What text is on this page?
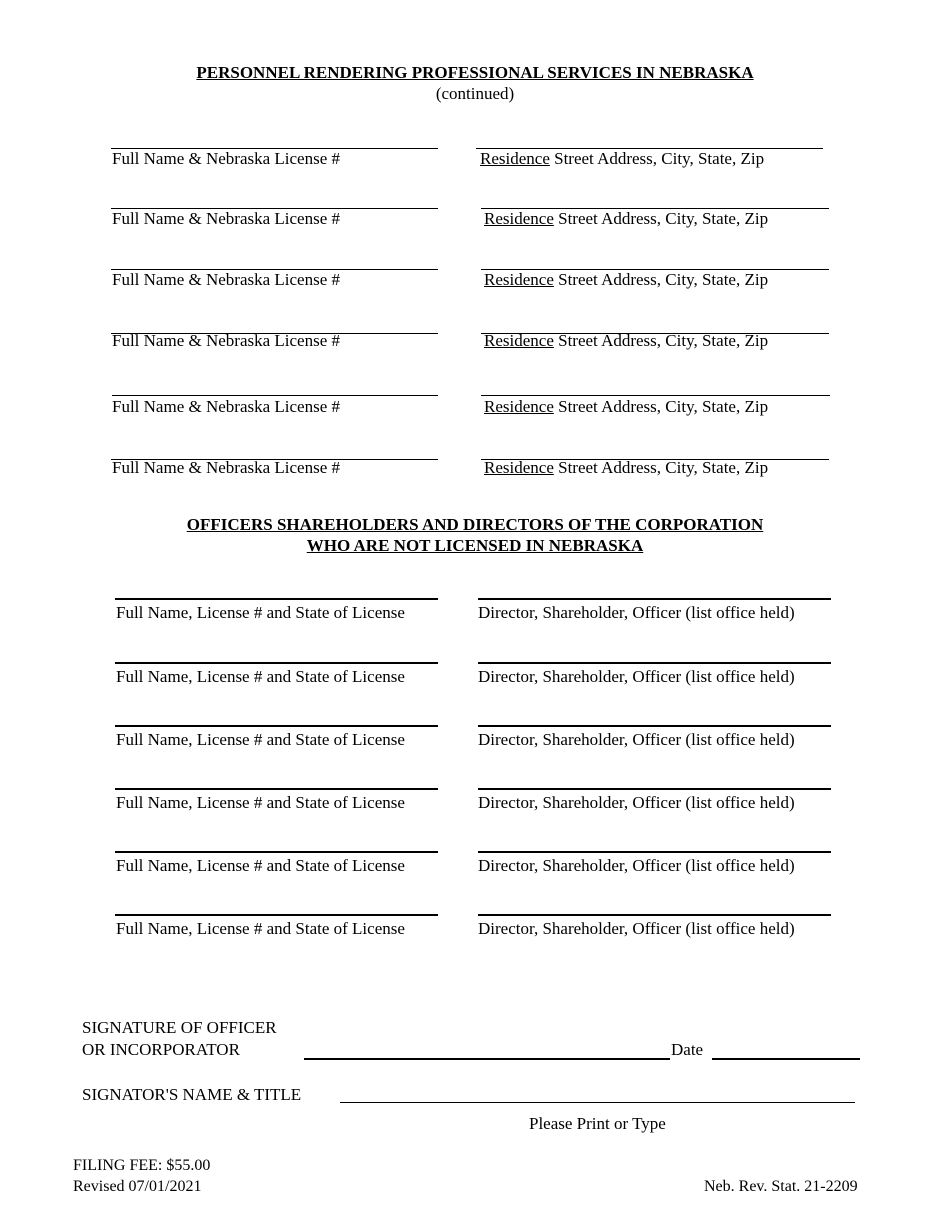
PERSONNEL RENDERING PROFESSIONAL SERVICES IN NEBRASKA
(continued)
Full Name & Nebraska License #	Residence Street Address, City, State, Zip
Full Name & Nebraska License #	Residence Street Address, City, State, Zip
Full Name & Nebraska License #	Residence Street Address, City, State, Zip
Full Name & Nebraska License #	Residence Street Address, City, State, Zip
Full Name & Nebraska License #	Residence Street Address, City, State, Zip
Full Name & Nebraska License #	Residence Street Address, City, State, Zip
OFFICERS SHAREHOLDERS AND DIRECTORS OF THE CORPORATION
WHO ARE NOT LICENSED IN NEBRASKA
Full Name, License # and State of License	Director, Shareholder, Officer (list office held)
Full Name, License # and State of License	Director, Shareholder, Officer (list office held)
Full Name, License # and State of License	Director, Shareholder, Officer (list office held)
Full Name, License # and State of License	Director, Shareholder, Officer (list office held)
Full Name, License # and State of License	Director, Shareholder, Officer (list office held)
Full Name, License # and State of License	Director, Shareholder, Officer (list office held)
SIGNATURE OF OFFICER
OR INCORPORATOR	Date
SIGNATOR'S NAME & TITLE
Please Print or Type
FILING FEE: $55.00
Revised 07/01/2021	Neb. Rev. Stat. 21-2209
